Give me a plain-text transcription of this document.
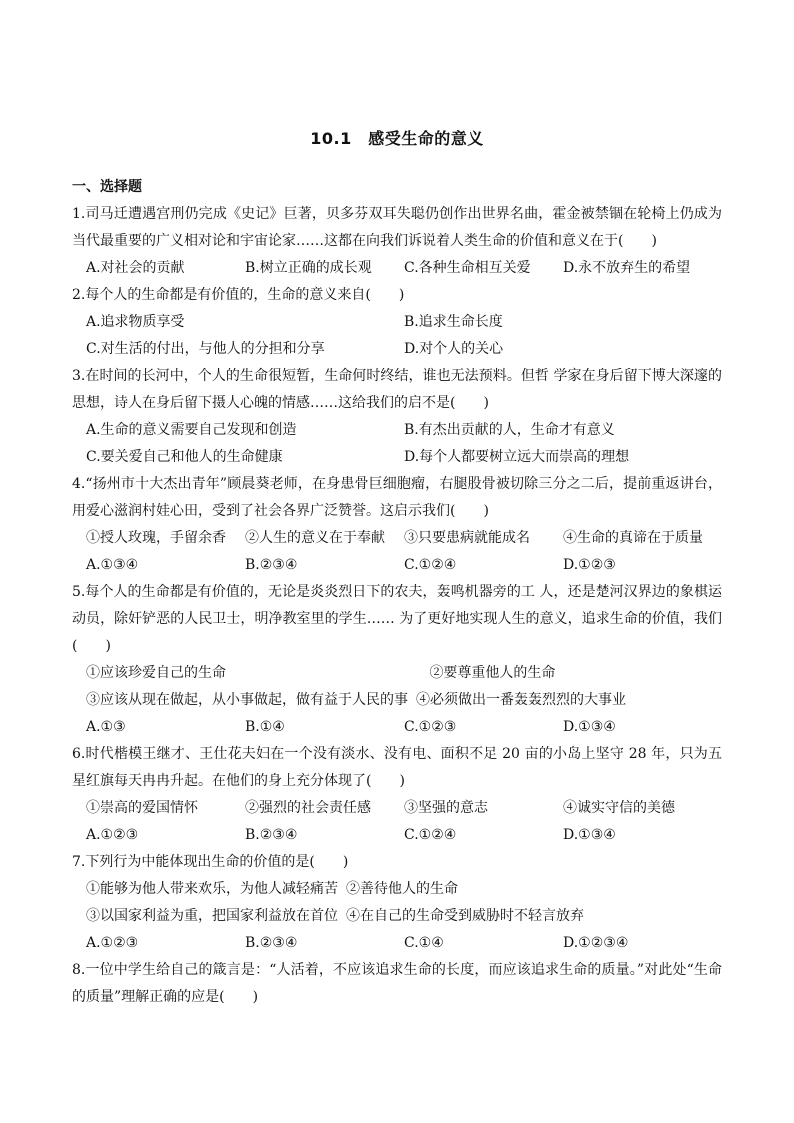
10.1　感受生命的意义
一、选择题
1.司马迁遭遇宫刑仍完成《史记》巨著，贝多芬双耳失聪仍创作出世界名曲，霍金被禁锢在轮椅上仍成为当代最重要的广义相对论和宇宙论家……这都在向我们诉说着人类生命的价值和意义在于(　　)
A.对社会的贡献	B.树立正确的成长观	C.各种生命相互关爱	D.永不放弃生的希望
2.每个人的生命都是有价值的，生命的意义来自(　　)
A.追求物质享受	B.追求生命长度
C.对生活的付出，与他人的分担和分享	D.对个人的关心
3.在时间的长河中，个人的生命很短暂，生命何时终结，谁也无法预料。但哲 学家在身后留下博大深邃的思想，诗人在身后留下摄人心魄的情感……这给我们的启不是(　　)
A.生命的意义需要自己发现和创造	B.有杰出贡献的人，生命才有意义
C.要关爱自己和他人的生命健康	D.每个人都要树立远大而崇高的理想
4.“扬州市十大杰出青年”顾晨葵老师，在身患骨巨细胞瘤，右腿股骨被切除三分之二后，提前重返讲台，用爱心滋润村娃心田，受到了社会各界广泛赞誉。这启示我们(　　)
①授人玫瑰，手留余香	②人生的意义在于奉献	③只要患病就能成名	④生命的真谛在于质量
A.①③④	B.②③④	C.①②④	D.①②③
5.每个人的生命都是有价值的，无论是炎炎烈日下的农夫，轰鸣机器旁的工 人，还是楚河汉界边的象棋运动员，除奸铲恶的人民卫士，明净教室里的学生…… 为了更好地实现人生的意义，追求生命的价值，我们(　　)
①应该珍爱自己的生命	②要尊重他人的生命
③应该从现在做起，从小事做起，做有益于人民的事 ④必须做出一番轰轰烈烈的大事业
A.①③	B.①④	C.①②③	D.①③④
6.时代楷模王继才、王仕花夫妇在一个没有淡水、没有电、面积不足 20 亩的小岛上坚守 28 年，只为五星红旗每天冉冉升起。在他们的身上充分体现了(　　)
①崇高的爱国情怀	②强烈的社会责任感	③坚强的意志	④诚实守信的美德
A.①②③	B.②③④	C.①②④	D.①③④
7.下列行为中能体现出生命的价值的是(　　)
①能够为他人带来欢乐，为他人减轻痛苦 ②善待他人的生命
③以国家利益为重，把国家利益放在首位 ④在自己的生命受到威胁时不轻言放弃
A.①②③	B.②③④	C.①④	D.①②③④
8.一位中学生给自己的箴言是：“人活着，不应该追求生命的长度，而应该追求生命的质量。”对此处“生命的质量”理解正确的应是(　　)
